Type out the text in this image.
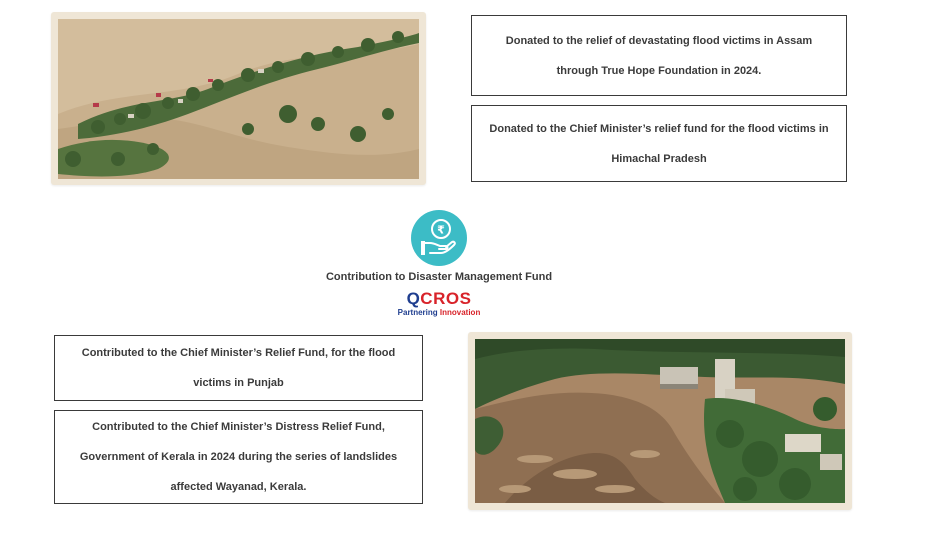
Donated to the relief of devastating flood victims in Assam through True Hope Foundation in 2024.
Donated to the Chief Minister’s relief fund for the flood victims in Himachal Pradesh
₹
Contribution to Disaster Management Fund
QCROS
Partnering Innovation
Contributed to the Chief Minister’s Relief Fund, for the flood victims in Punjab
Contributed to the Chief Minister’s Distress Relief Fund, Government of Kerala in 2024 during the series of landslides affected Wayanad, Kerala.
